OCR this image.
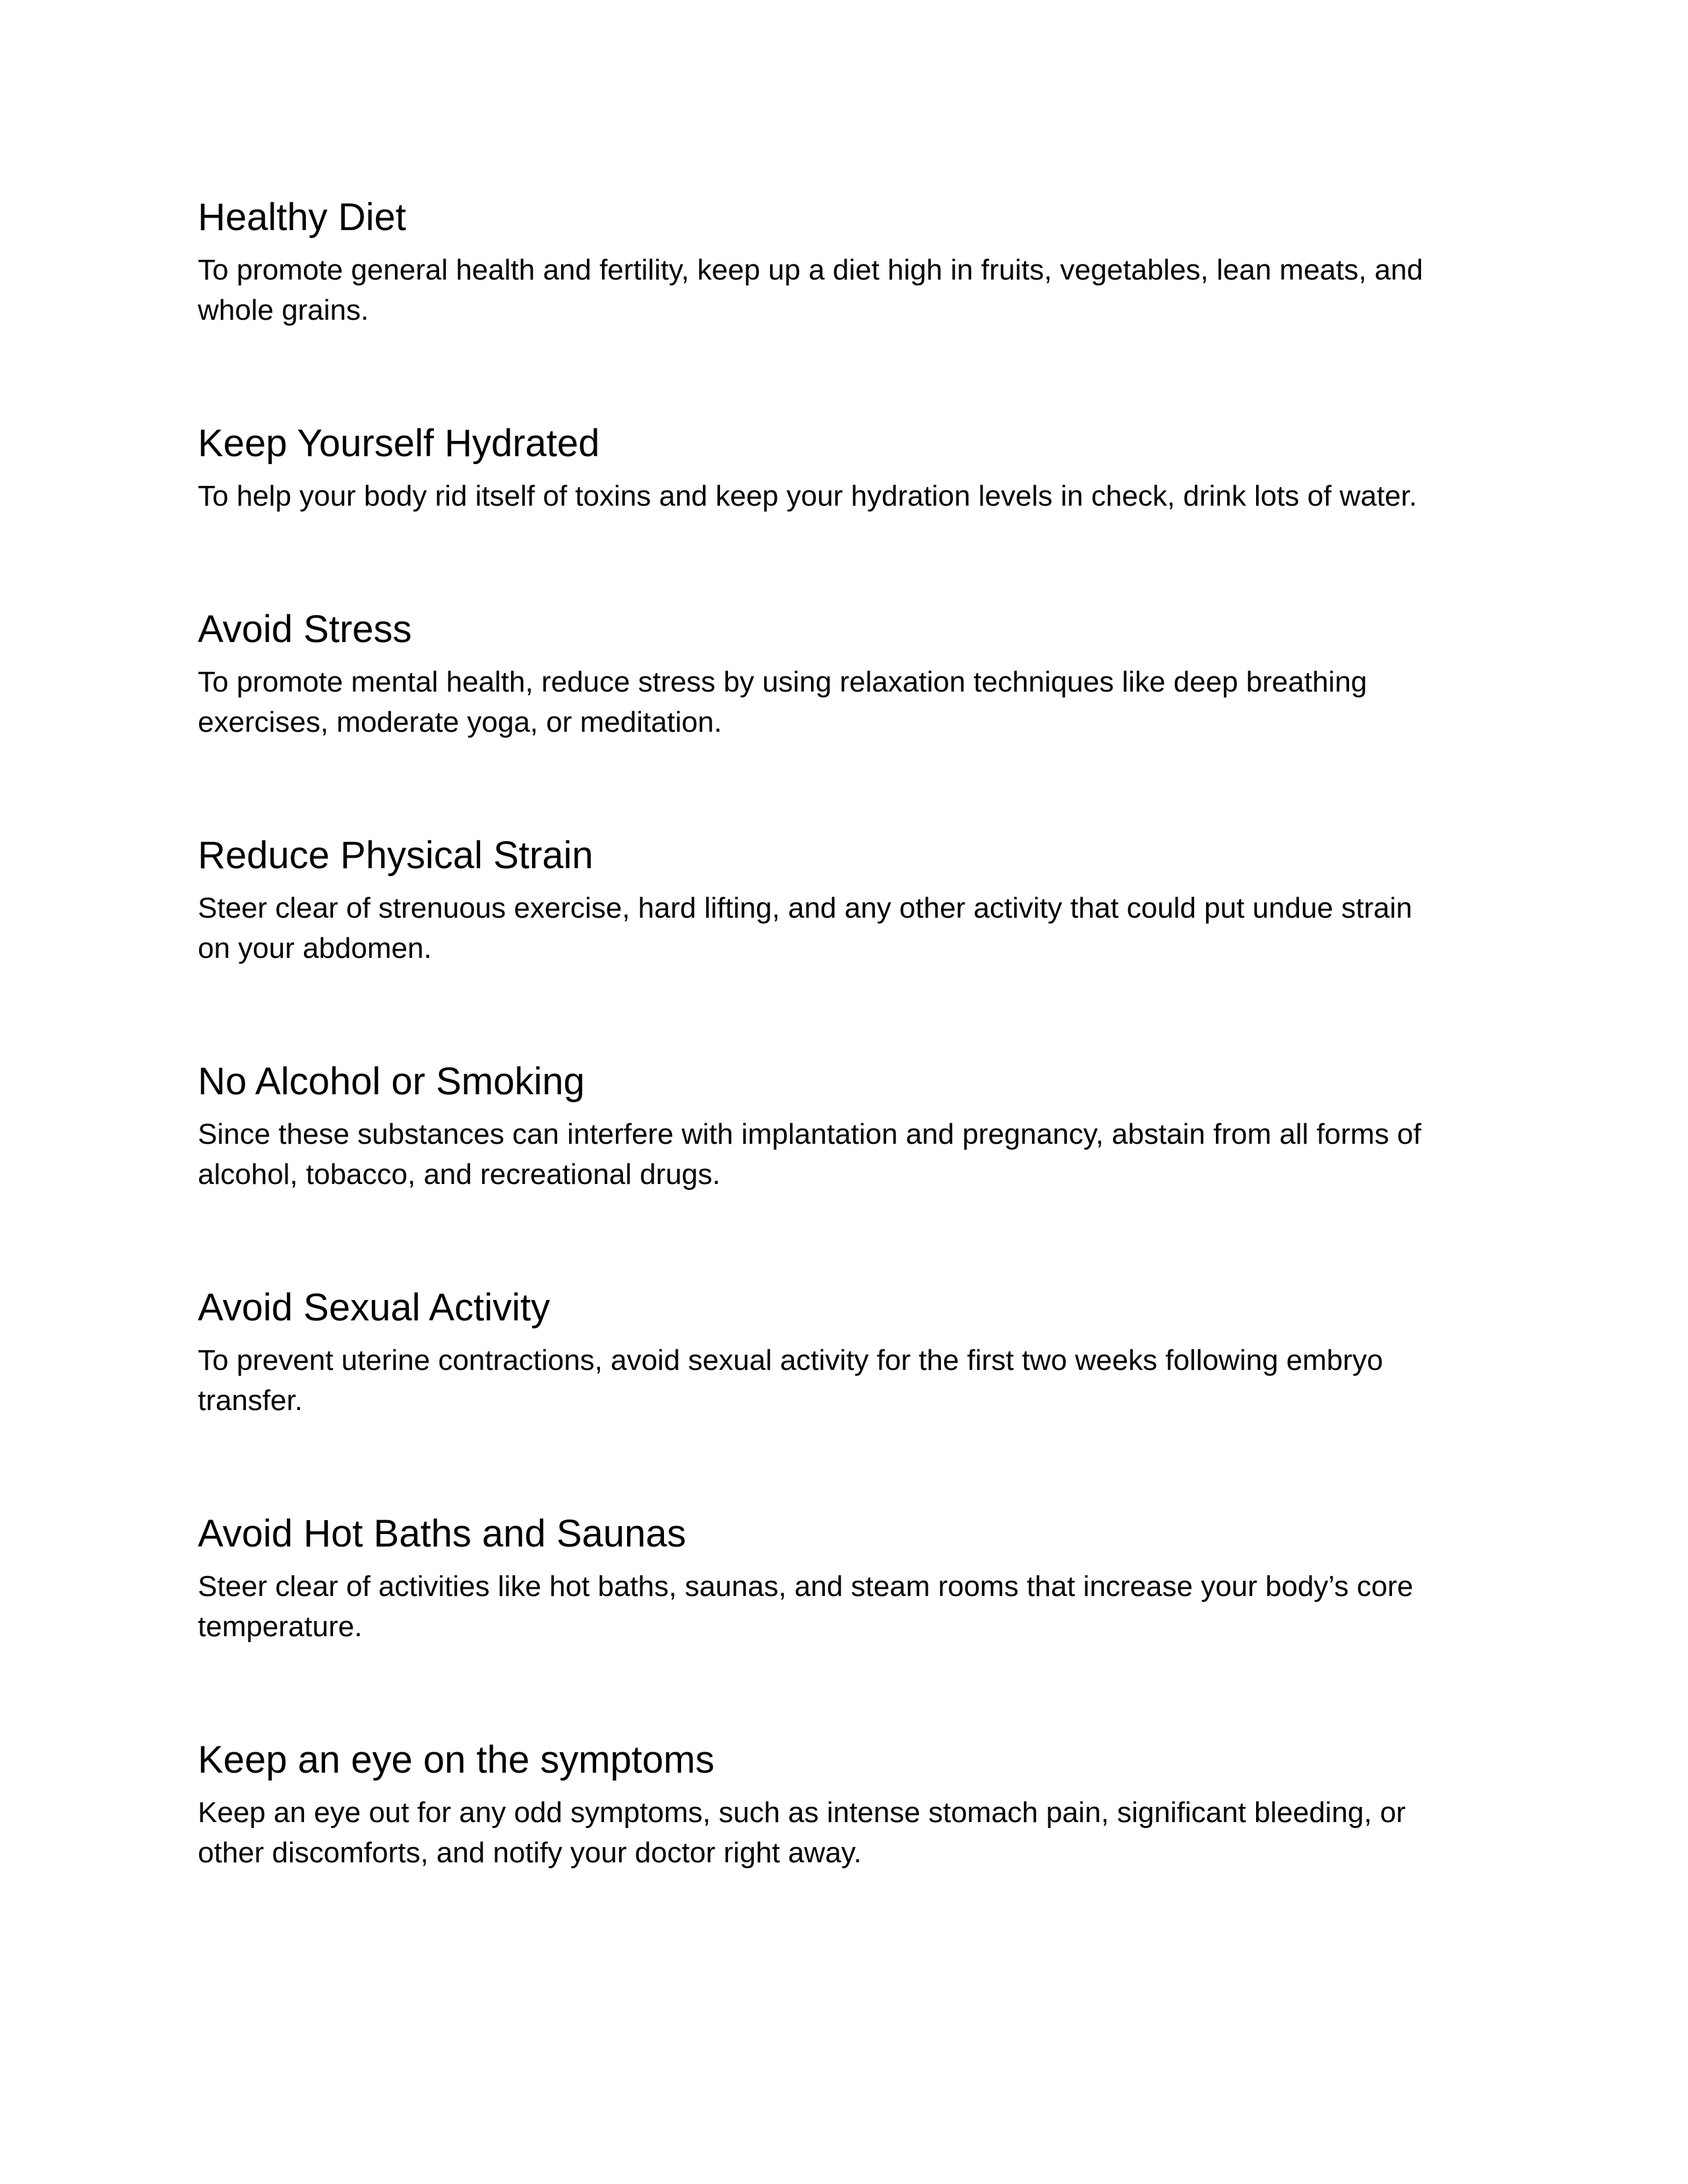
Healthy Diet

To promote general health and fertility, keep up a diet high in fruits, vegetables, lean meats, and
whole grains.

Keep Yourself Hydrated

To help your body rid itself of toxins and keep your hydration levels in check, drink lots of water.

Avoid Stress

To promote mental health, reduce stress by using relaxation techniques like deep breathing
exercises, moderate yoga, or meditation.

Reduce Physical Strain

Steer clear of strenuous exercise, hard lifting, and any other activity that could put undue strain
on your abdomen.

No Alcohol or Smoking

Since these substances can interfere with implantation and pregnancy, abstain from all forms of
alcohol, tobacco, and recreational drugs.

Avoid Sexual Activity

To prevent uterine contractions, avoid sexual activity for the first two weeks following embryo
transfer.

Avoid Hot Baths and Saunas

Steer clear of activities like hot baths, saunas, and steam rooms that increase your body’s core
temperature.

Keep an eye on the symptoms

Keep an eye out for any odd symptoms, such as intense stomach pain, significant bleeding, or
other discomforts, and notify your doctor right away.
